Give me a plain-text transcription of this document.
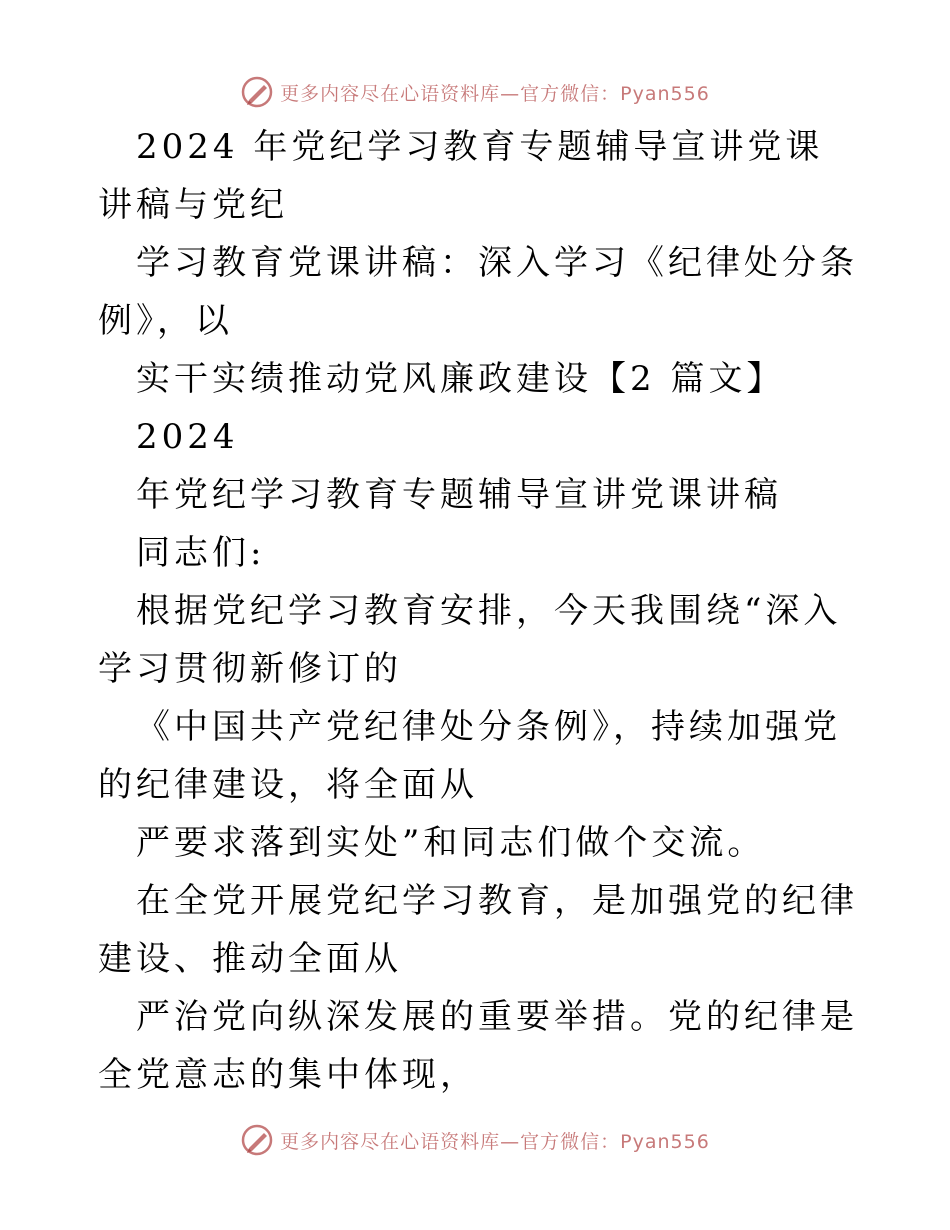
更多内容尽在心语资料库—官方微信：Pyan556

2024 年党纪学习教育专题辅导宣讲党课讲稿与党纪

学习教育党课讲稿：深入学习《纪律处分条例》，以

实干实绩推动党风廉政建设【2 篇文】

2024

年党纪学习教育专题辅导宣讲党课讲稿

同志们:

根据党纪学习教育安排，今天我围绕“深入学习贯彻新修订的

《中国共产党纪律处分条例》，持续加强党的纪律建设，将全面从

严要求落到实处”和同志们做个交流。

在全党开展党纪学习教育，是加强党的纪律建设、推动全面从

严治党向纵深发展的重要举措。党的纪律是全党意志的集中体现，

更多内容尽在心语资料库—官方微信：Pyan556
